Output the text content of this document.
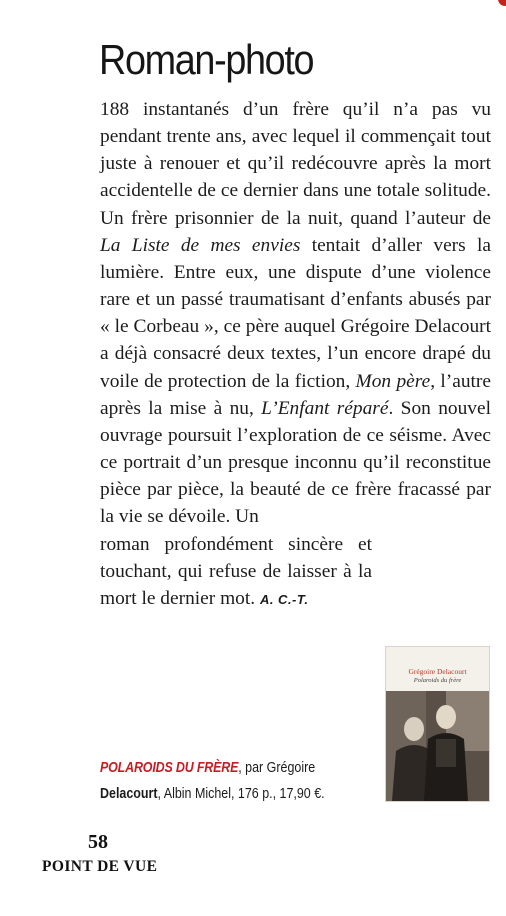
Roman-photo
188 instantanés d’un frère qu’il n’a pas vu pendant trente ans, avec lequel il commençait tout juste à renouer et qu’il redécouvre après la mort accidentelle de ce dernier dans une totale solitude. Un frère prisonnier de la nuit, quand l’auteur de La Liste de mes envies tentait d’aller vers la lumière. Entre eux, une dispute d’une violence rare et un passé traumatisant d’enfants abusés par « le Corbeau », ce père auquel Grégoire Delacourt a déjà consacré deux textes, l’un encore drapé du voile de protection de la fiction, Mon père, l’autre après la mise à nu, L’Enfant réparé. Son nouvel ouvrage poursuit l’exploration de ce séisme. Avec ce portrait d’un presque inconnu qu’il reconstitue pièce par pièce, la beauté de ce frère fracassé par la vie se dévoile. Un
roman profondément sincère et touchant, qui refuse de laisser à la mort le dernier mot. A. C.-T.
POLAROIDS DU FRÈRE, par Grégoire
Delacourt, Albin Michel, 176 p., 17,90 €.
Grégoire Delacourt
Polaroids du frère
58
POINT DE VUE
